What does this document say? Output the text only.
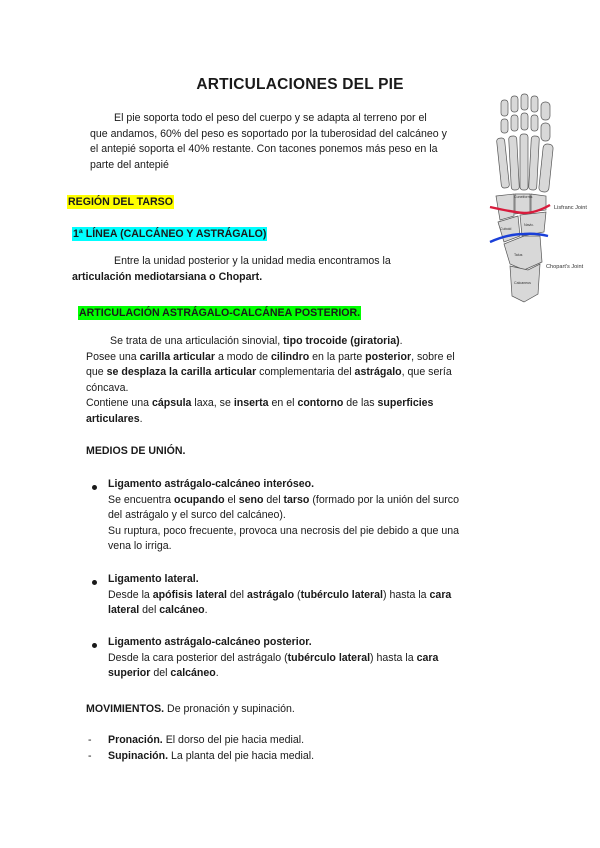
ARTICULACIONES DEL PIE
El pie soporta todo el peso del cuerpo y se adapta al terreno por el
que andamos, 60% del peso es soportado por la tuberosidad del calcáneo y
el antepié soporta el 40% restante. Con tacones ponemos más peso en la
parte del antepié
Lisfranc Joint
Chopart's Joint
Cuneiforms
Cuboid
Navic.
Talus
Calcaneus
REGIÓN DEL TARSO
1ª LÍNEA (CALCÁNEO Y ASTRÁGALO)
Entre la unidad posterior y la unidad media encontramos la
articulación mediotarsiana o Chopart.
ARTICULACIÓN ASTRÁGALO-CALCÁNEA POSTERIOR.
Se trata de una articulación sinovial, tipo trocoide (giratoria).
Posee una carilla articular a modo de cilindro en la parte posterior, sobre el
que se desplaza la carilla articular complementaria del astrágalo, que sería
cóncava.
Contiene una cápsula laxa, se inserta en el contorno de las superficies
articulares.
MEDIOS DE UNIÓN.
Ligamento astrágalo-calcáneo interóseo.
Se encuentra ocupando el seno del tarso (formado por la unión del surco
del astrágalo y el surco del calcáneo).
Su ruptura, poco frecuente, provoca una necrosis del pie debido a que una
vena lo irriga.
Ligamento lateral.
Desde la apófisis lateral del astrágalo (tubérculo lateral) hasta la cara
lateral del calcáneo.
Ligamento astrágalo-calcáneo posterior.
Desde la cara posterior del astrágalo (tubérculo lateral) hasta la cara
superior del calcáneo.
MOVIMIENTOS. De pronación y supinación.
- Pronación. El dorso del pie hacia medial.
- Supinación. La planta del pie hacia medial.
